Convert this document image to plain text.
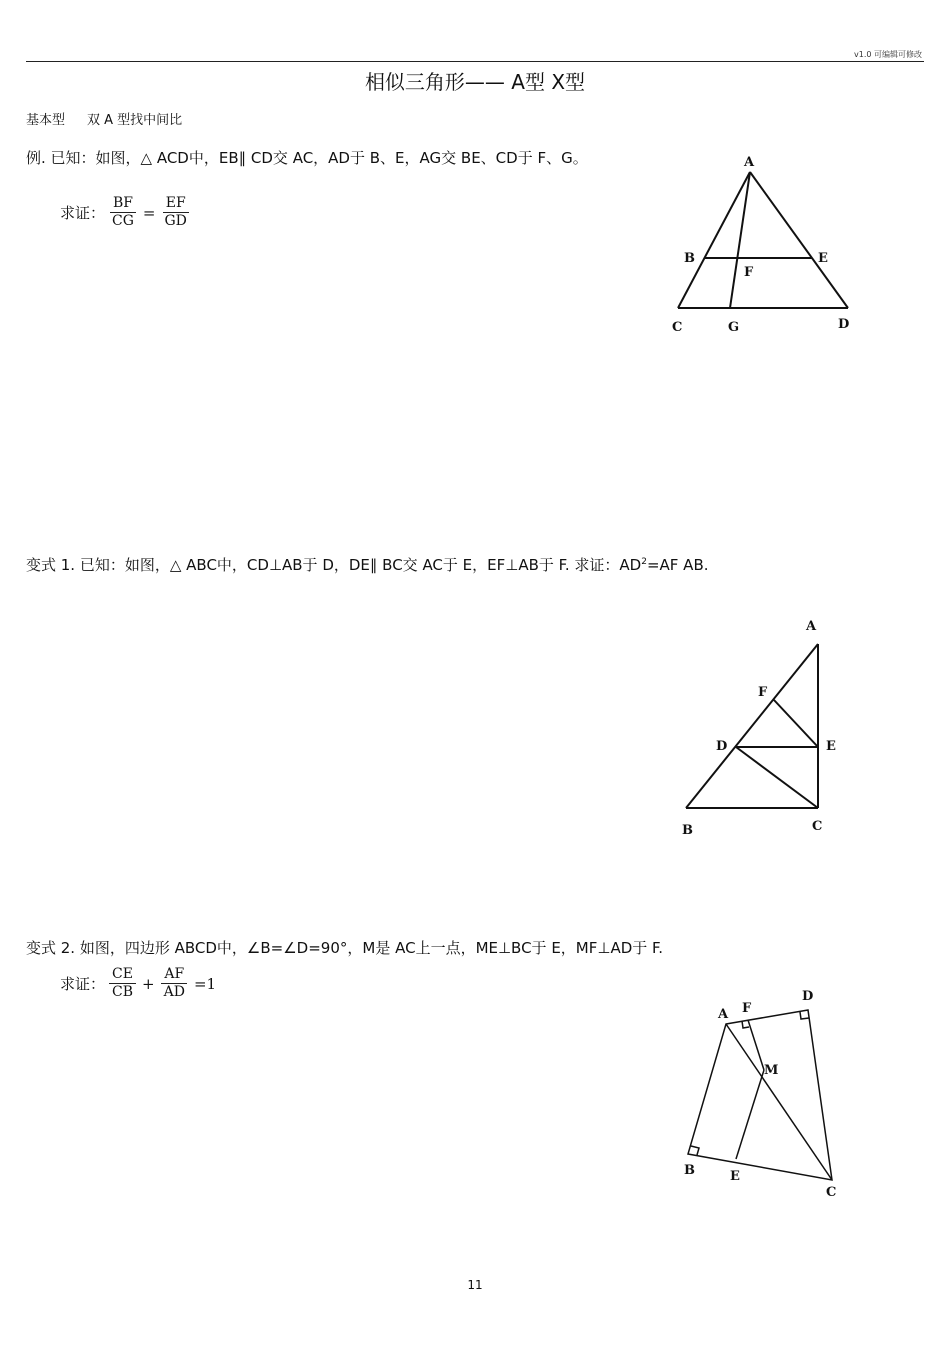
v1.0 可编辑可修改
相似三角形—— A型 X型
基本型 双 A 型找中间比
例. 已知：如图，△ ACD中，EB∥ CD交 AC，AD于 B、E，AG交 BE、CD于 F、G。
求证： $\frac{BF}{CG} = \frac{EF}{GD}$
A
B	E
F
C	G	D
变式 1. 已知：如图，△ ABC中，CD⊥AB于 D，DE∥ BC交 AC于 E，EF⊥AB于 F. 求证：$AD^2=AF$ AB.
A
F
D	E
B	C
变式 2. 如图，四边形 ABCD中，∠B=∠D=90°，M是 AC上一点，ME⊥BC于 E，MF⊥AD于 F.
求证： $\frac{CE}{CB} + \frac{AF}{AD} =1$
A F
D
M
B	E
C
11
